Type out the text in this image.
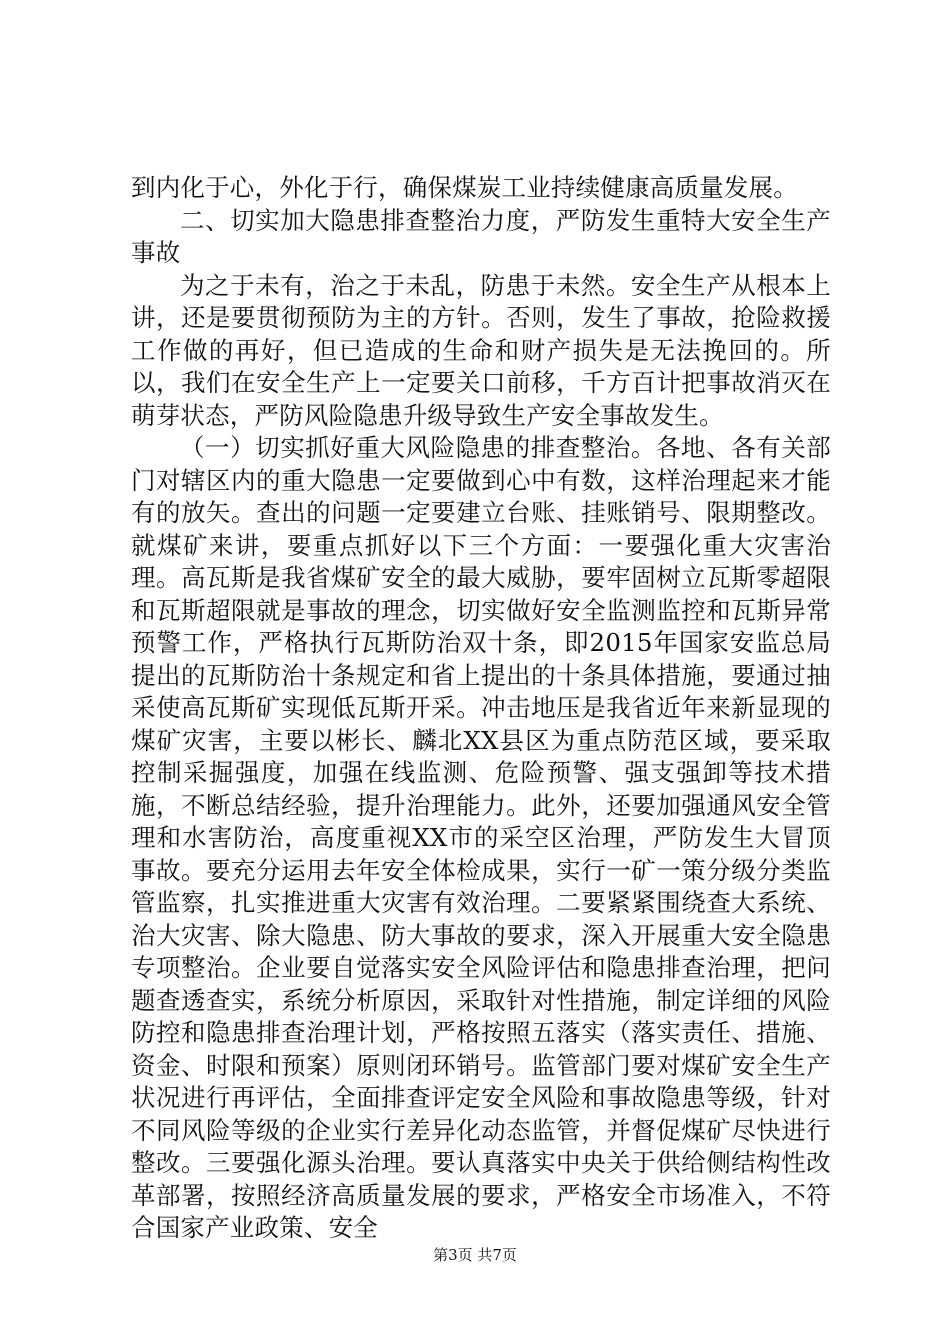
到内化于心，外化于行，确保煤炭工业持续健康高质量发展。

二、切实加大隐患排查整治力度，严防发生重特大安全生产事故

为之于未有，治之于未乱，防患于未然。安全生产从根本上讲，还是要贯彻预防为主的方针。否则，发生了事故，抢险救援工作做的再好，但已造成的生命和财产损失是无法挽回的。所以，我们在安全生产上一定要关口前移，千方百计把事故消灭在萌芽状态，严防风险隐患升级导致生产安全事故发生。

（一）切实抓好重大风险隐患的排查整治。各地、各有关部门对辖区内的重大隐患一定要做到心中有数，这样治理起来才能有的放矢。查出的问题一定要建立台账、挂账销号、限期整改。就煤矿来讲，要重点抓好以下三个方面：一要强化重大灾害治理。高瓦斯是我省煤矿安全的最大威胁，要牢固树立瓦斯零超限和瓦斯超限就是事故的理念，切实做好安全监测监控和瓦斯异常预警工作，严格执行瓦斯防治双十条，即2015年国家安监总局提出的瓦斯防治十条规定和省上提出的十条具体措施，要通过抽采使高瓦斯矿实现低瓦斯开采。冲击地压是我省近年来新显现的煤矿灾害，主要以彬长、麟北XX县区为重点防范区域，要采取控制采掘强度，加强在线监测、危险预警、强支强卸等技术措施，不断总结经验，提升治理能力。此外，还要加强通风安全管理和水害防治，高度重视XX市的采空区治理，严防发生大冒顶事故。要充分运用去年安全体检成果，实行一矿一策分级分类监管监察，扎实推进重大灾害有效治理。二要紧紧围绕查大系统、治大灾害、除大隐患、防大事故的要求，深入开展重大安全隐患专项整治。企业要自觉落实安全风险评估和隐患排查治理，把问题查透查实，系统分析原因，采取针对性措施，制定详细的风险防控和隐患排查治理计划，严格按照五落实（落实责任、措施、资金、时限和预案）原则闭环销号。监管部门要对煤矿安全生产状况进行再评估，全面排查评定安全风险和事故隐患等级，针对不同风险等级的企业实行差异化动态监管，并督促煤矿尽快进行整改。三要强化源头治理。要认真落实中央关于供给侧结构性改革部署，按照经济高质量发展的要求，严格安全市场准入，不符合国家产业政策、安全

第3页 共7页
